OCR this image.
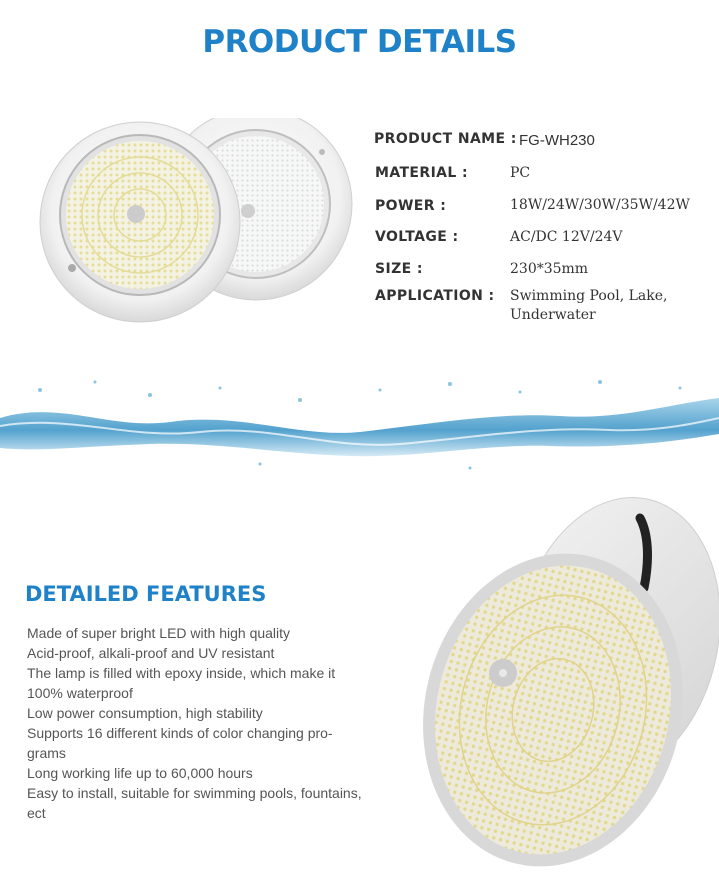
PRODUCT DETAILS
PRODUCT NAME : FG-WH230
MATERIAL :	PC
POWER :	18W/24W/30W/35W/42W
VOLTAGE :	AC/DC 12V/24V
SIZE :	230*35mm
APPLICATION : Swimming Pool, Lake,
Underwater
DETAILED FEATURES
Made of super bright LED with high quality
Acid-proof, alkali-proof and UV resistant
The lamp is filled with epoxy inside, which make it
100% waterproof
Low power consumption, high stability
Supports 16 different kinds of color changing pro-
grams
Long working life up to 60,000 hours
Easy to install, suitable for swimming pools, fountains,
ect
